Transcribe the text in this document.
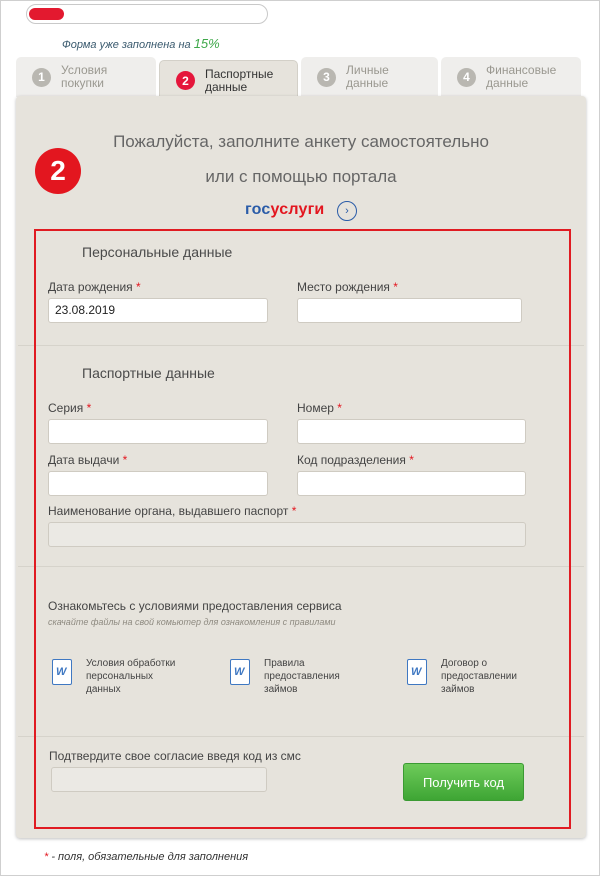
Форма уже заполнена на 15%
1	Условия покупки	2	Паспортные данные
3	Личные данные	4	Финансовые данные
Пожалуйста, заполните анкету самостоятельно
или с помощью портала
госуслуги	›
2
Персональные данные
Дата рождения *
23.08.2019
Место рождения *
Паспортные данные
Серия *	Номер *
Дата выдачи *	Код подразделения *
Наименование органа, выдавшего паспорт *
Ознакомьтесь с условиями предоставления сервиса
скачайте файлы на свой комьютер для ознакомления с правилами
W
Условия обработки
персональных
данных
W
Правила
предоставления
займов
W
Договор о
предоставлении
займов
Подтвердите свое согласие введя код из смс
Получить код
* - поля, обязательные для заполнения
